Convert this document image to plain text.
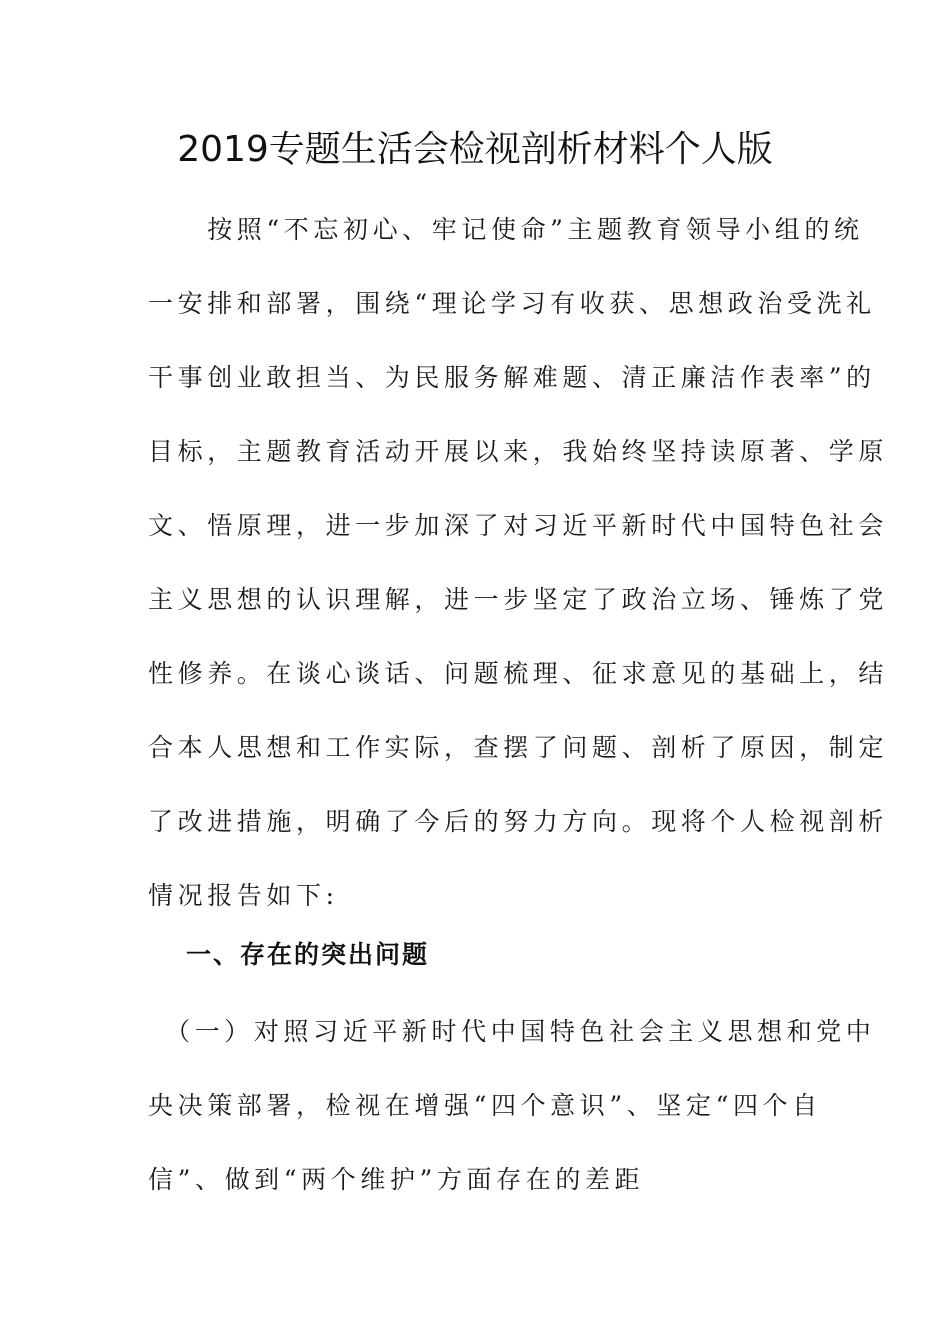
2019专题生活会检视剖析材料个人版
　　按照“不忘初心、牢记使命”主题教育领导小组的统
一安排和部署，围绕“理论学习有收获、思想政治受洗礼
干事创业敢担当、为民服务解难题、清正廉洁作表率”的
目标，主题教育活动开展以来，我始终坚持读原著、学原
文、悟原理，进一步加深了对习近平新时代中国特色社会
主义思想的认识理解，进一步坚定了政治立场、锤炼了党
性修养。在谈心谈话、问题梳理、征求意见的基础上，结
合本人思想和工作实际，查摆了问题、剖析了原因，制定
了改进措施，明确了今后的努力方向。现将个人检视剖析
情况报告如下:
一、存在的突出问题
　（一）对照习近平新时代中国特色社会主义思想和党中
央决策部署，检视在增强“四个意识”、坚定“四个自
信”、做到“两个维护”方面存在的差距
